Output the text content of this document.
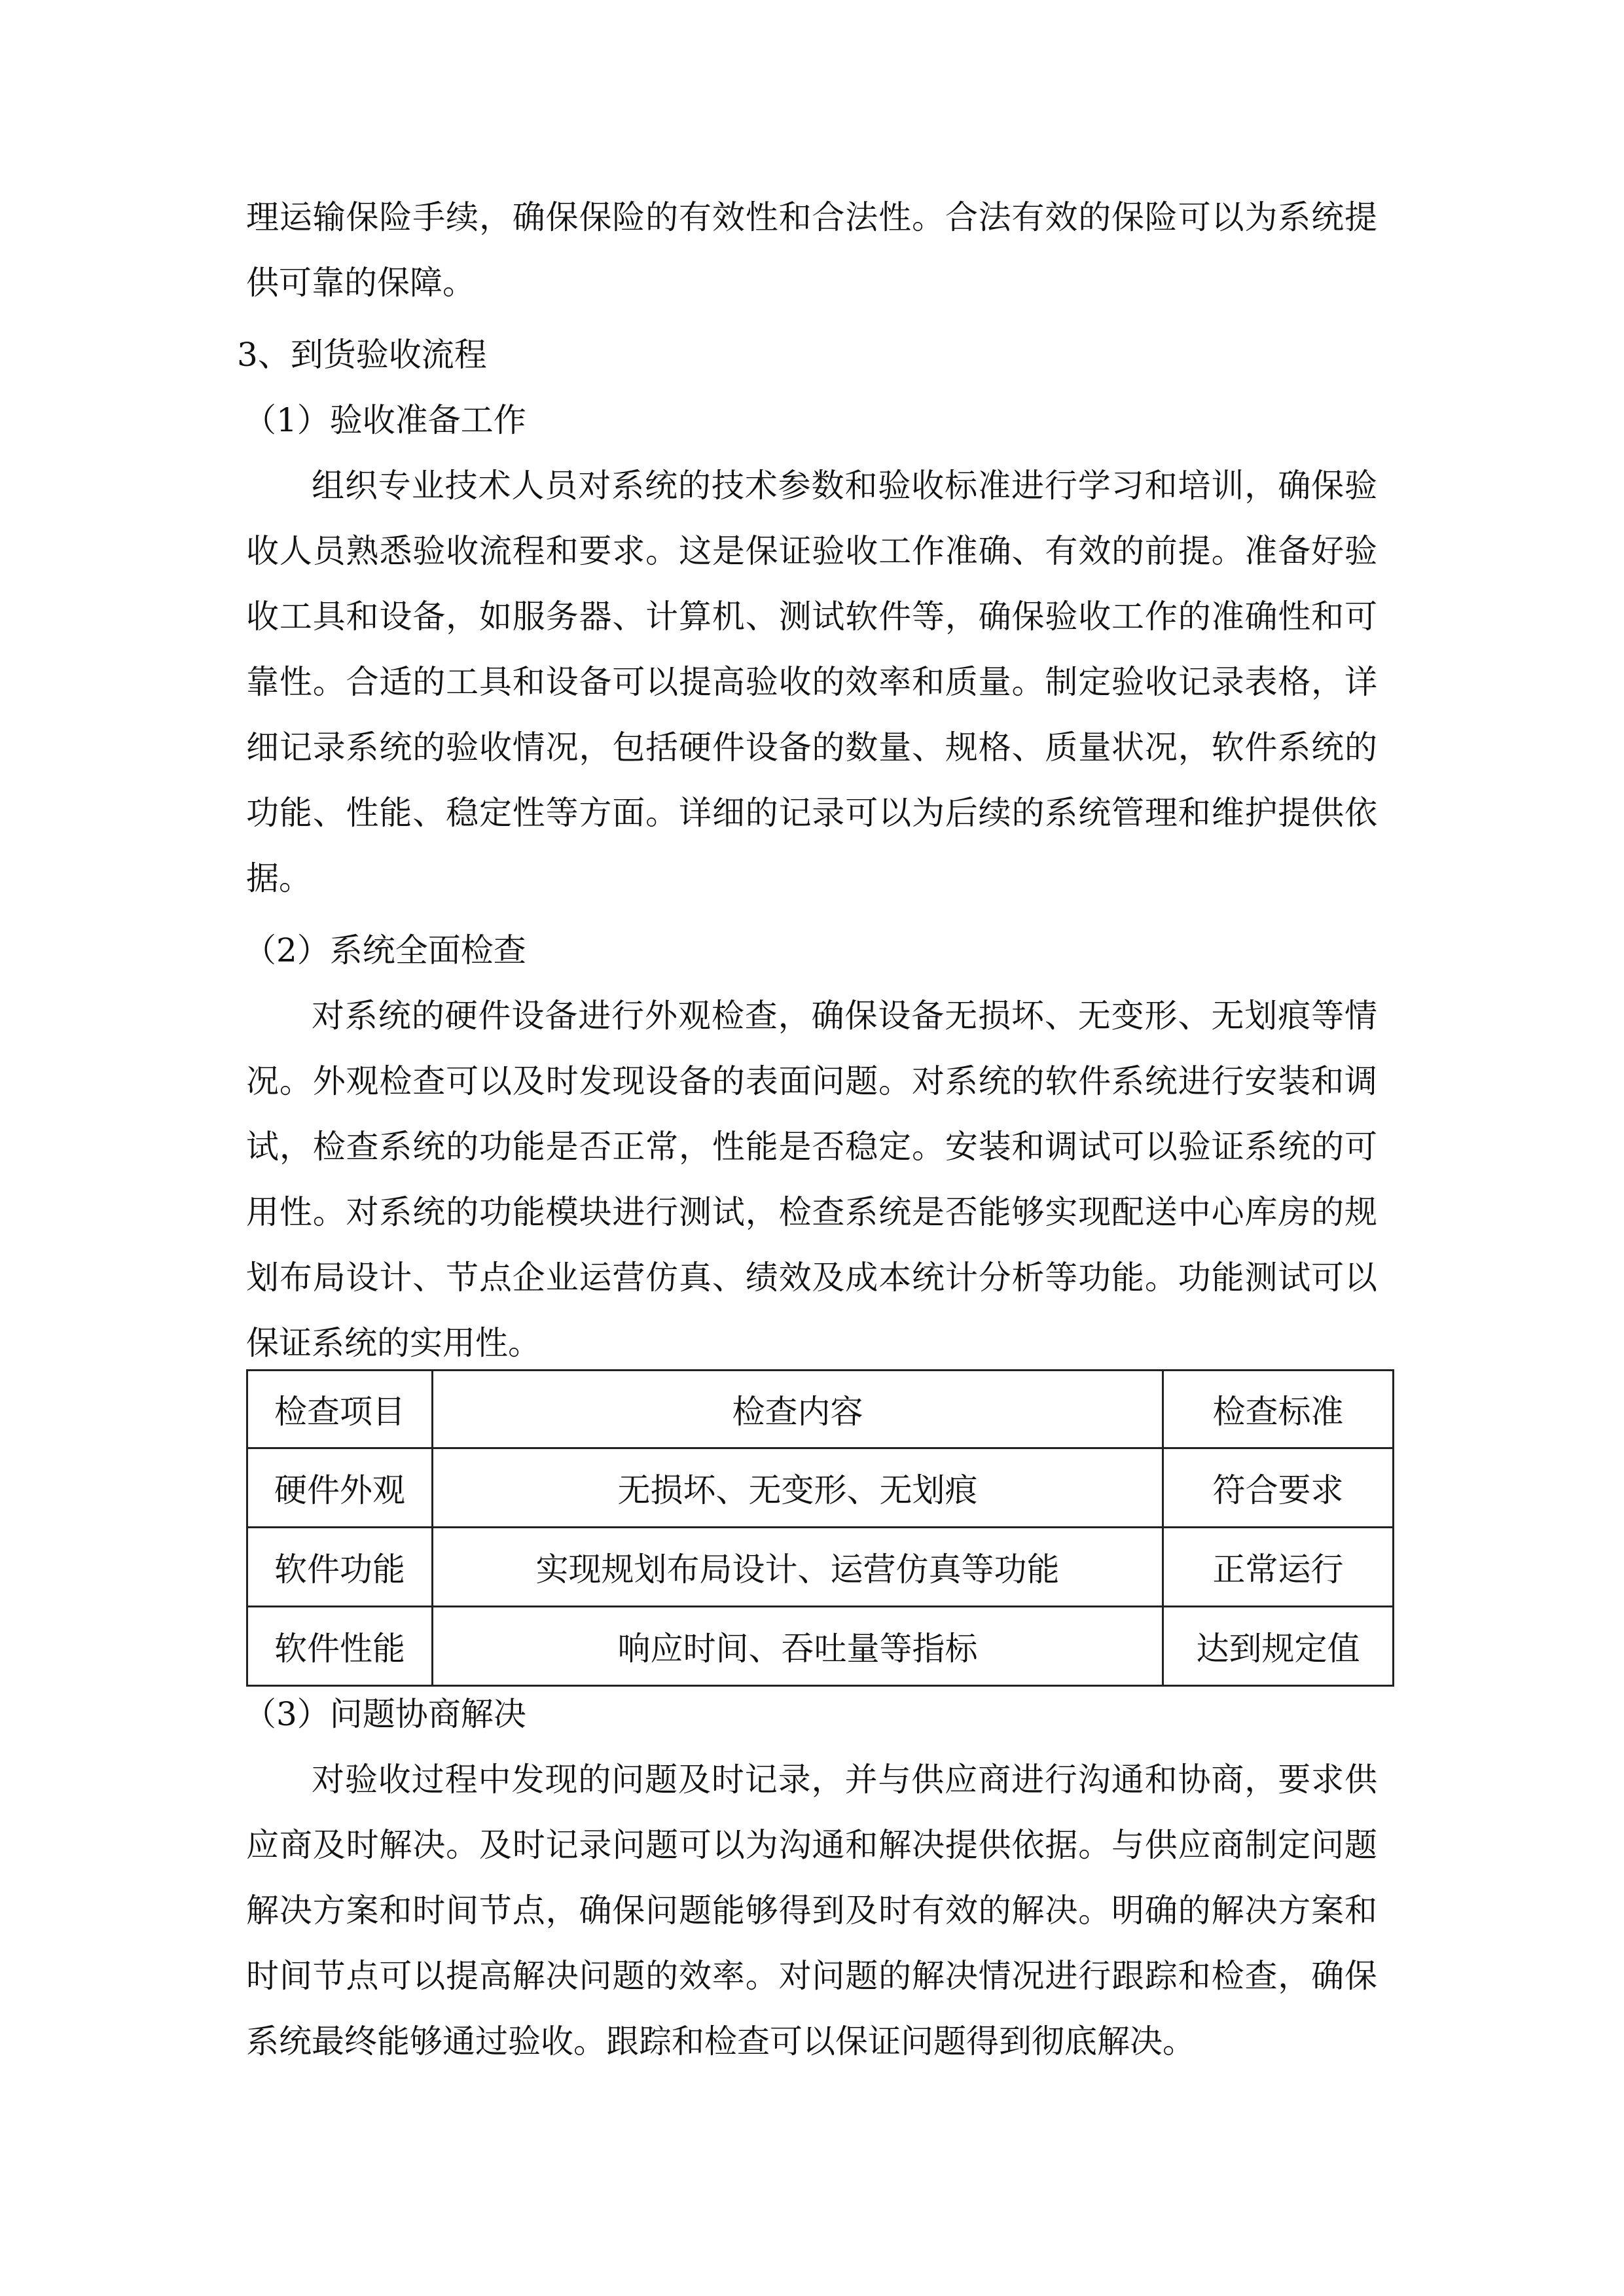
理运输保险手续，确保保险的有效性和合法性。合法有效的保险可以为系统提

供可靠的保障。

3、到货验收流程

（1）验收准备工作

组织专业技术人员对系统的技术参数和验收标准进行学习和培训，确保验

收人员熟悉验收流程和要求。这是保证验收工作准确、有效的前提。准备好验

收工具和设备，如服务器、计算机、测试软件等，确保验收工作的准确性和可

靠性。合适的工具和设备可以提高验收的效率和质量。制定验收记录表格，详

细记录系统的验收情况，包括硬件设备的数量、规格、质量状况，软件系统的

功能、性能、稳定性等方面。详细的记录可以为后续的系统管理和维护提供依

据。

（2）系统全面检查

对系统的硬件设备进行外观检查，确保设备无损坏、无变形、无划痕等情

况。外观检查可以及时发现设备的表面问题。对系统的软件系统进行安装和调

试，检查系统的功能是否正常，性能是否稳定。安装和调试可以验证系统的可

用性。对系统的功能模块进行测试，检查系统是否能够实现配送中心库房的规

划布局设计、节点企业运营仿真、绩效及成本统计分析等功能。功能测试可以

保证系统的实用性。

检查项目	检查内容	检查标准
硬件外观	无损坏、无变形、无划痕	符合要求
软件功能	实现规划布局设计、运营仿真等功能	正常运行
软件性能	响应时间、吞吐量等指标	达到规定值

（3）问题协商解决

对验收过程中发现的问题及时记录，并与供应商进行沟通和协商，要求供

应商及时解决。及时记录问题可以为沟通和解决提供依据。与供应商制定问题

解决方案和时间节点，确保问题能够得到及时有效的解决。明确的解决方案和

时间节点可以提高解决问题的效率。对问题的解决情况进行跟踪和检查，确保

系统最终能够通过验收。跟踪和检查可以保证问题得到彻底解决。
